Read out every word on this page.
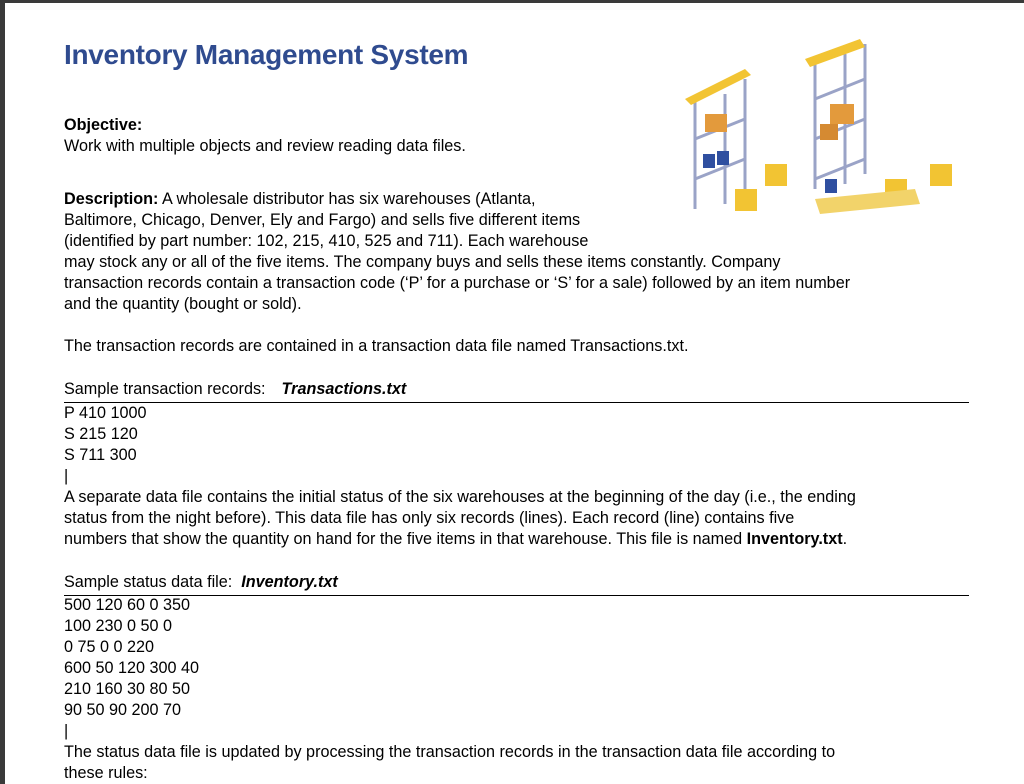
Inventory Management System
Objective:
Work with multiple objects and review reading data files.
Description: A wholesale distributor has six warehouses (Atlanta,
Baltimore, Chicago, Denver, Ely and Fargo) and sells five different items
(identified by part number: 102, 215, 410, 525 and 711). Each warehouse
may stock any or all of the five items. The company buys and sells these items constantly. Company
transaction records contain a transaction code (‘P’ for a purchase or ‘S’ for a sale) followed by an item number
and the quantity (bought or sold).
The transaction records are contained in a transaction data file named Transactions.txt.
Sample transaction records: Transactions.txt
P 410 1000
S 215 120
S 711 300
|
A separate data file contains the initial status of the six warehouses at the beginning of the day (i.e., the ending
status from the night before). This data file has only six records (lines). Each record (line) contains five
numbers that show the quantity on hand for the five items in that warehouse. This file is named Inventory.txt.
Sample status data file: Inventory.txt
500 120 60 0 350
100 230 0 50 0
0 75 0 0 220
600 50 120 300 40
210 160 30 80 50
90 50 90 200 70
|
The status data file is updated by processing the transaction records in the transaction data file according to
these rules:
